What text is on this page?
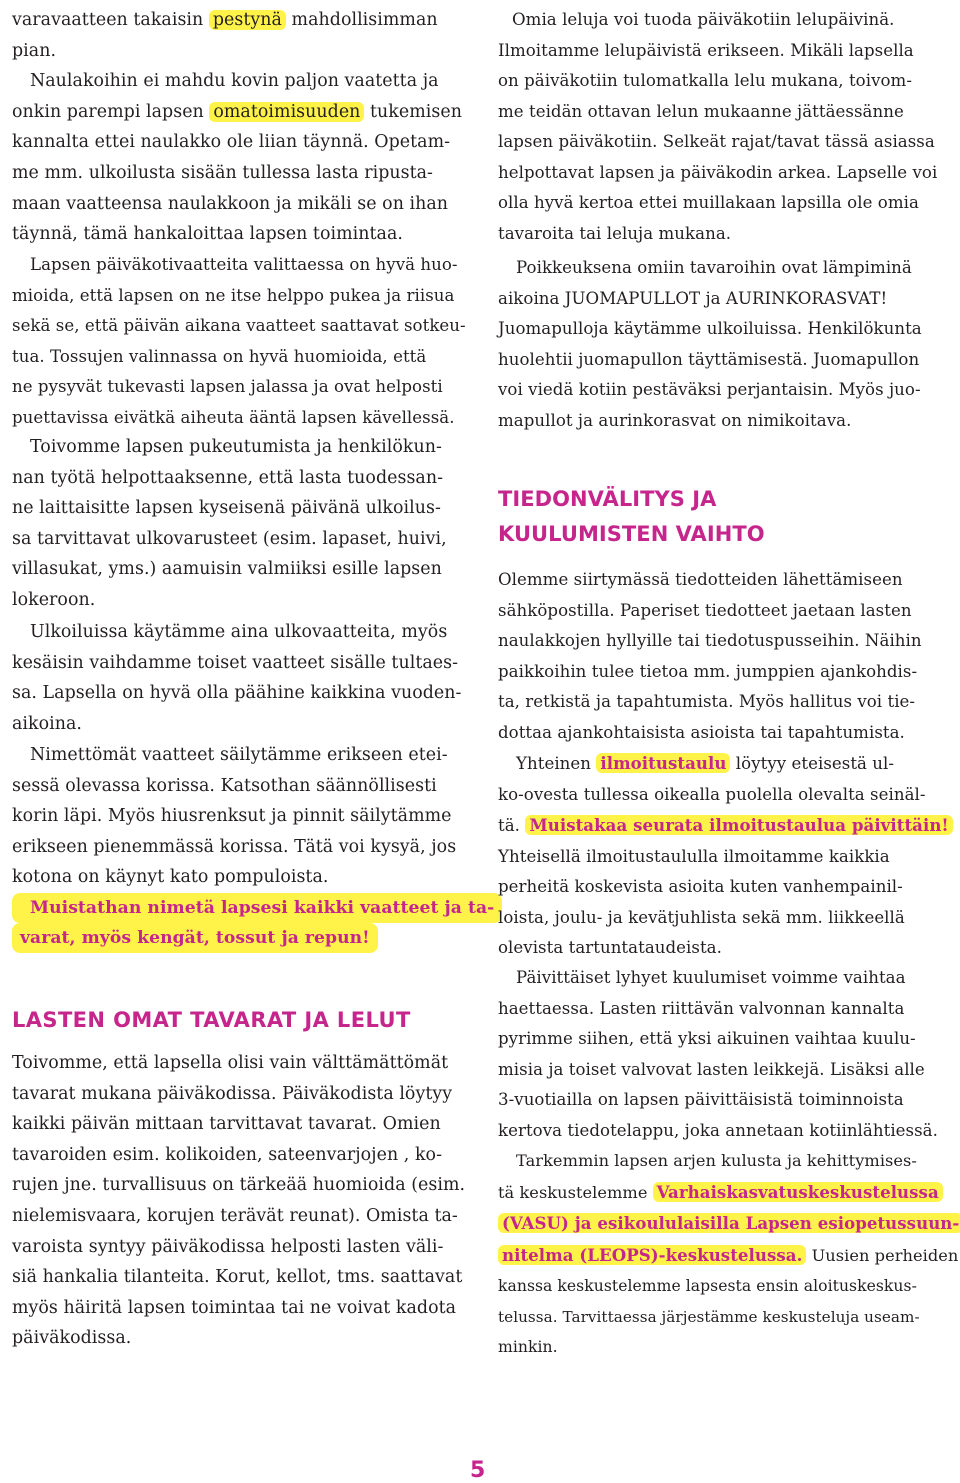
varavaatteen takaisin pestynä mahdollisimman
pian.
Naulakoihin ei mahdu kovin paljon vaatetta ja
onkin parempi lapsen omatoimisuuden tukemisen
kannalta ettei naulakko ole liian täynnä. Opetam-
me mm. ulkoilusta sisään tullessa lasta ripusta-
maan vaatteensa naulakkoon ja mikäli se on ihan
täynnä, tämä hankaloittaa lapsen toimintaa.
Lapsen päiväkotivaatteita valittaessa on hyvä huo-
mioida, että lapsen on ne itse helppo pukea ja riisua
sekä se, että päivän aikana vaatteet saattavat sotkeu-
tua. Tossujen valinnassa on hyvä huomioida, että
ne pysyvät tukevasti lapsen jalassa ja ovat helposti
puettavissa eivätkä aiheuta ääntä lapsen kävellessä.
Toivomme lapsen pukeutumista ja henkilökun-
nan työtä helpottaaksenne, että lasta tuodessan-
ne laittaisitte lapsen kyseisenä päivänä ulkoilus-
sa tarvittavat ulkovarusteet (esim. lapaset, huivi,
villasukat, yms.) aamuisin valmiiksi esille lapsen
lokeroon.
Ulkoiluissa käytämme aina ulkovaatteita, myös
kesäisin vaihdamme toiset vaatteet sisälle tultaes-
sa. Lapsella on hyvä olla päähine kaikkina vuoden-
aikoina.
Nimettömät vaatteet säilytämme erikseen etei-
sessä olevassa korissa. Katsothan säännöllisesti
korin läpi. Myös hiusrenksut ja pinnit säilytämme
erikseen pienemmässä korissa. Tätä voi kysyä, jos
kotona on käynyt kato pompuloista.
Muistathan nimetä lapsesi kaikki vaatteet ja ta-

varat, myös kengät, tossut ja repun!
LASTEN OMAT TAVARAT JA LELUT
Toivomme, että lapsella olisi vain välttämättömät
tavarat mukana päiväkodissa. Päiväkodista löytyy
kaikki päivän mittaan tarvittavat tavarat. Omien
tavaroiden esim. kolikoiden, sateenvarjojen , ko-
rujen jne. turvallisuus on tärkeää huomioida (esim.
nielemisvaara, korujen terävät reunat). Omista ta-
varoista syntyy päiväkodissa helposti lasten väli-
siä hankalia tilanteita. Korut, kellot, tms. saattavat
myös häiritä lapsen toimintaa tai ne voivat kadota
päiväkodissa.
Omia leluja voi tuoda päiväkotiin lelupäivinä.
Ilmoitamme lelupäivistä erikseen. Mikäli lapsella
on päiväkotiin tulomatkalla lelu mukana, toivom-
me teidän ottavan lelun mukaanne jättäessänne
lapsen päiväkotiin. Selkeät rajat/tavat tässä asiassa
helpottavat lapsen ja päiväkodin arkea. Lapselle voi
olla hyvä kertoa ettei muillakaan lapsilla ole omia
tavaroita tai leluja mukana.
Poikkeuksena omiin tavaroihin ovat lämpiminä
aikoina JUOMAPULLOT ja AURINKORASVAT!
Juomapulloja käytämme ulkoiluissa. Henkilökunta
huolehtii juomapullon täyttämisestä. Juomapullon
voi viedä kotiin pestäväksi perjantaisin. Myös juo-
mapullot ja aurinkorasvat on nimikoitava.
TIEDONVÄLITYS JA
KUULUMISTEN VAIHTO
Olemme siirtymässä tiedotteiden lähettämiseen
sähköpostilla. Paperiset tiedotteet jaetaan lasten
naulakkojen hyllyille tai tiedotuspusseihin. Näihin
paikkoihin tulee tietoa mm. jumppien ajankohdis-
ta, retkistä ja tapahtumista. Myös hallitus voi tie-
dottaa ajankohtaisista asioista tai tapahtumista.
Yhteinen ilmoitustaulu löytyy eteisestä ul-
ko-ovesta tullessa oikealla puolella olevalta seinäl-
tä. Muistakaa seurata ilmoitustaulua päivittäin!
Yhteisellä ilmoitustaululla ilmoitamme kaikkia
perheitä koskevista asioita kuten vanhempainil-
loista, joulu- ja kevätjuhlista sekä mm. liikkeellä
olevista tartuntataudeista.
Päivittäiset lyhyet kuulumiset voimme vaihtaa
haettaessa. Lasten riittävän valvonnan kannalta
pyrimme siihen, että yksi aikuinen vaihtaa kuulu-
misia ja toiset valvovat lasten leikkejä. Lisäksi alle
3-vuotiailla on lapsen päivittäisistä toiminnoista
kertova tiedotelappu, joka annetaan kotiinlähtiessä.
Tarkemmin lapsen arjen kulusta ja kehittymises-
tä keskustelemme Varhaiskasvatuskeskustelussa
(VASU) ja esikoululaisilla Lapsen esiopetussuun-
nitelma (LEOPS)-keskustelussa. Uusien perheiden
kanssa keskustelemme lapsesta ensin aloituskeskus-
telussa. Tarvittaessa järjestämme keskusteluja useam-
minkin.
5
